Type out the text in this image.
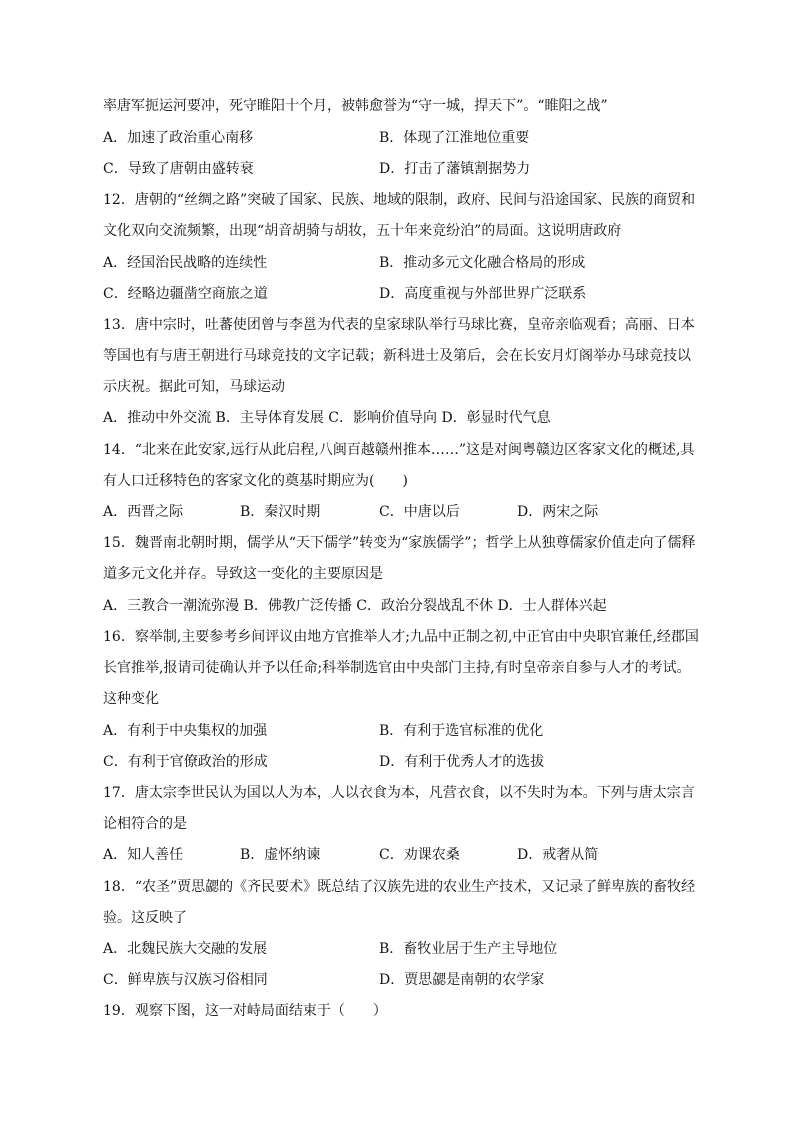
率唐军扼运河要冲，死守睢阳十个月，被韩愈誉为“守一城，捍天下”。“睢阳之战”
A．加速了政治重心南移	B．体现了江淮地位重要
C．导致了唐朝由盛转衰	D．打击了藩镇割据势力
12．唐朝的“丝绸之路”突破了国家、民族、地域的限制，政府、民间与沿途国家、民族的商贸和
文化双向交流频繁，出现“胡音胡骑与胡妆，五十年来竞纷泊”的局面。这说明唐政府
A．经国治民战略的连续性	B．推动多元文化融合格局的形成
C．经略边疆凿空商旅之道	D．高度重视与外部世界广泛联系
13．唐中宗时，吐蕃使团曾与李邕为代表的皇家球队举行马球比赛，皇帝亲临观看；高丽、日本
等国也有与唐王朝进行马球竞技的文字记载；新科进士及第后，会在长安月灯阁举办马球竞技以
示庆祝。据此可知，马球运动
A．推动中外交流 B．主导体育发展 C．影响价值导向 D．彰显时代气息
14．“北来在此安家,远行从此启程,八闽百越赣州推本……”这是对闽粤赣边区客家文化的概述,具
有人口迁移特色的客家文化的奠基时期应为(　　)
A．西晋之际	B．秦汉时期	C．中唐以后	D．两宋之际
15．魏晋南北朝时期，儒学从“天下儒学”转变为“家族儒学”；哲学上从独尊儒家价值走向了儒释
道多元文化并存。导致这一变化的主要原因是
A．三教合一潮流弥漫 B．佛教广泛传播 C．政治分裂战乱不休 D．士人群体兴起
16．察举制,主要参考乡间评议由地方官推举人才;九品中正制之初,中正官由中央职官兼任,经郡国
长官推举,报请司徒确认并予以任命;科举制选官由中央部门主持,有时皇帝亲自参与人才的考试。
这种变化
A．有利于中央集权的加强	B．有利于选官标准的优化
C．有利于官僚政治的形成	D．有利于优秀人才的选拔
17．唐太宗李世民认为国以人为本，人以衣食为本，凡营衣食，以不失时为本。下列与唐太宗言
论相符合的是
A．知人善任	B．虚怀纳谏	C．劝课农桑	D．戒奢从简
18．“农圣”贾思勰的《齐民要术》既总结了汉族先进的农业生产技术，又记录了鲜卑族的畜牧经
验。这反映了
A．北魏民族大交融的发展	B．畜牧业居于生产主导地位
C．鲜卑族与汉族习俗相同	D．贾思勰是南朝的农学家
19．观察下图，这一对峙局面结束于（　　）
